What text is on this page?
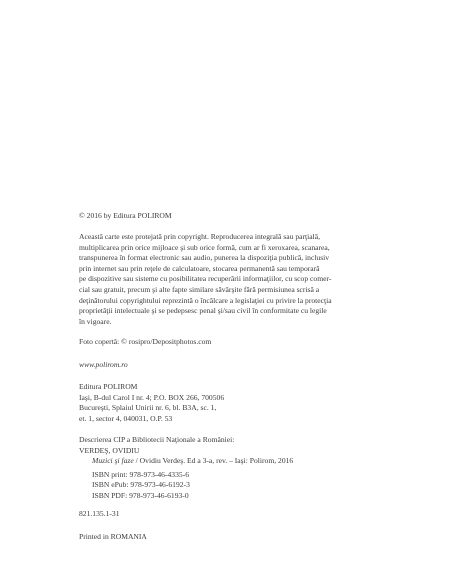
© 2016 by Editura POLIROM
Această carte este protejată prin copyright. Reproducerea integrală sau parţială,
multiplicarea prin orice mijloace şi sub orice formă, cum ar fi xeroxarea, scanarea,
transpunerea în format electronic sau audio, punerea la dispoziţia publică, inclusiv
prin internet sau prin reţele de calculatoare, stocarea permanentă sau temporară
pe dispozitive sau sisteme cu posibilitatea recuperării informaţiilor, cu scop comer-
cial sau gratuit, precum şi alte fapte similare săvârşite fără permisiunea scrisă a
deţinătorului copyrightului reprezintă o încălcare a legislaţiei cu privire la protecţia
proprietăţii intelectuale şi se pedepsesc penal şi/sau civil în conformitate cu legile
în vigoare.
Foto copertă: © rosipro/Depositphotos.com
www.polirom.ro
Editura POLIROM
Iaşi, B-dul Carol I nr. 4; P.O. BOX 266, 700506
Bucureşti, Splaiul Unirii nr. 6, bl. B3A, sc. 1,
et. 1, sector 4, 040031, O.P. 53
Descrierea CIP a Bibliotecii Naţionale a României:
VERDEŞ, OVIDIU
Muzici şi faze / Ovidiu Verdeş. Ed a 3-a, rev. – Iaşi: Polirom, 2016
ISBN print: 978-973-46-4335-6
ISBN ePub: 978-973-46-6192-3
ISBN PDF: 978-973-46-6193-0
821.135.1-31
Printed in ROMANIA
